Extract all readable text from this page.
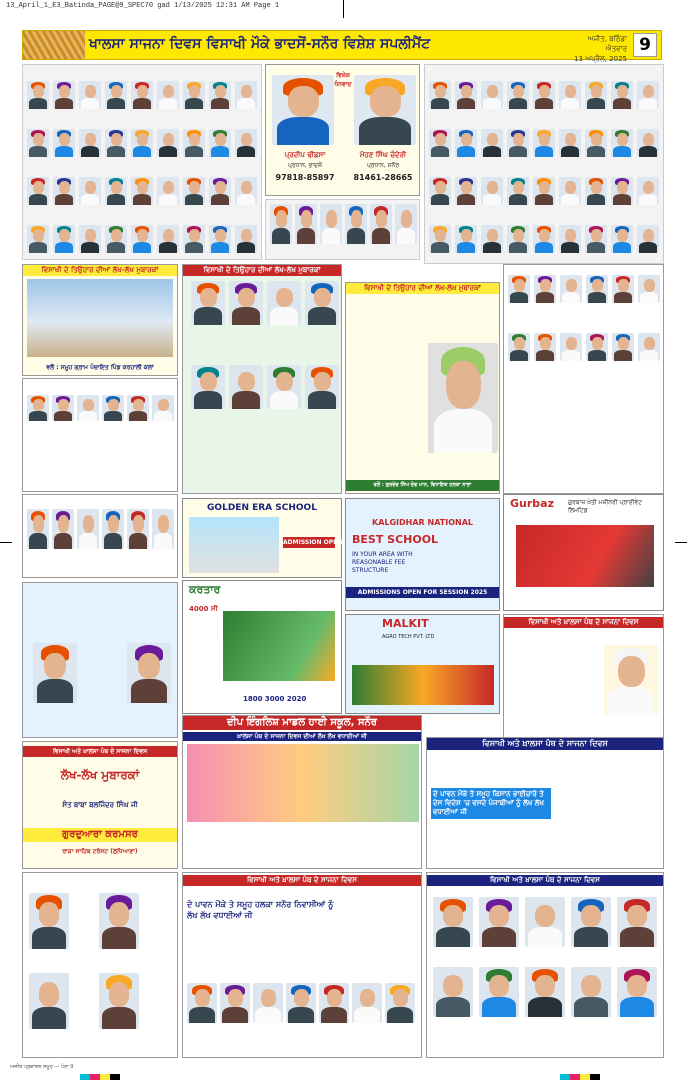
13_April_1_E3_Batinda_PAGE@9_SPEC70 gad 1/13/2025 12:31 AM Page 1
ਖਾਲਸਾ ਸਾਜਨਾ ਦਿਵਸ ਵਿਸਾਖੀ ਮੌਕੇ ਭਾਦਸੋਂ-ਸਨੌਰ ਵਿਸ਼ੇਸ਼ ਸਪਲੀਮੈਂਟ	ਅਜੀਤ, ਬਠਿੰਡਾ
ਐਤਵਾਰ
13 ਅਪ੍ਰੈਲ, 2025
9
ਵਿਸ਼ੇਸ਼ ਧੰਨਵਾਦ
ਪ੍ਰਦੀਪ ਢੀਂਡਸਾ
ਪ੍ਰਧਾਨ, ਭਾਦਸੋਂ
97818-85897
ਮੋਹਣ ਸਿੰਘ ਚੰਦੇਰੀ
ਪ੍ਰਧਾਨ, ਸਨੌਰ
81461-28665
ਵਿਸਾਖੀ ਦੇ ਤਿਉਹਾਰ ਦੀਆਂ ਲੱਖ-ਲੱਖ ਮੁਬਾਰਕਾਂ
ਵਲੋਂ : ਸਮੂਹ ਗ੍ਰਾਮ ਪੰਚਾਇਤ ਪਿੰਡ ਕਰਹਾਲੀ ਕਲਾਂ
ਵਿਸਾਖੀ ਦੇ ਤਿਉਹਾਰ ਦੀਆਂ ਲੱਖ-ਲੱਖ ਮੁਬਾਰਕਾਂ
ਵਿਸਾਖੀ ਦੇ ਤਿਉਹਾਰ ਦੀਆਂ ਲੱਖ-ਲੱਖ ਮੁਬਾਰਕਾਂ
ਵਲੋਂ : ਗੁਰਦੇਵ ਸਿੰਘ ਦੇਵ ਮਾਨ, ਵਿਧਾਇਕ ਹਲਕਾ ਨਾਭਾ
GOLDEN ERA SCHOOL
ADMISSION OPEN
KALGIDHAR NATIONAL
BEST SCHOOL
IN YOUR AREA WITH REASONABLE FEE STRUCTURE
ADMISSIONS OPEN FOR SESSION 2025
Gurbaz ਗੁਰਬਾਜ਼ ਖੇਤੀ ਮਸ਼ੀਨਰੀ ਪ੍ਰਾਈਵੇਟ ਲਿਮਟਿਡ
ਕਰਤਾਰ
4000 ਸੀ
1800 3000 2020
MALKIT
AGRO TECH PVT. LTD
ਵਿਸਾਖੀ ਅਤੇ ਖ਼ਾਲਸਾ ਪੰਥ ਦੇ ਸਾਜਨਾ ਦਿਵਸ
ਵਿਸਾਖੀ ਅਤੇ ਖ਼ਾਲਸਾ ਪੰਥ ਦੇ ਸਾਜਨਾ ਦਿਵਸ
ਲੱਖ-ਲੱਖ ਮੁਬਾਰਕਾਂ
ਸੰਤ ਬਾਬਾ ਬਲਜਿੰਦਰ ਸਿੰਘ ਜੀ
ਗੁਰਦੁਆਰਾ ਕਰਮਸਰ
ਰਾੜਾ ਸਾਹਿਬ ਟਰੱਸਟ (ਲੁਧਿਆਣਾ)
ਦੀਪ ਇੰਗਲਿਸ਼ ਮਾਡਲ ਹਾਈ ਸਕੂਲ, ਸਨੌਰ
ਖ਼ਾਲਸਾ ਪੰਥ ਦੇ ਸਾਜਨਾ ਦਿਵਸ ਦੀਆਂ ਲੱਖ ਲੱਖ ਵਧਾਈਆਂ ਜੀ
ਵਿਸਾਖੀ ਅਤੇ ਖ਼ਾਲਸਾ ਪੰਥ ਦੇ ਸਾਜਨਾ ਦਿਵਸ
ਦੇ ਪਾਵਨ ਮੌਕੇ ਤੇ ਸਮੂਹ ਕਿਸਾਨ ਭਾਈਚਾਰੇ ਤੇ ਦੇਸ ਵਿਦੇਸ਼ 'ਚ ਵਸਦੇ ਪੰਜਾਬੀਆਂ ਨੂੰ ਲੱਖ ਲੱਖ ਵਧਾਈਆਂ ਜੀ
ਵਿਸਾਖੀ ਅਤੇ ਖ਼ਾਲਸਾ ਪੰਥ ਦੇ ਸਾਜਨਾ ਦਿਵਸ
ਦੇ ਪਾਵਨ ਮੌਕੇ ਤੇ ਸਮੂਹ ਹਲਕਾ ਸਨੌਰ ਨਿਵਾਸੀਆਂ ਨੂੰ ਲੱਖ ਲੱਖ ਵਧਾਈਆਂ ਜੀ
ਵਿਸਾਖੀ ਅਤੇ ਖ਼ਾਲਸਾ ਪੰਥ ਦੇ ਸਾਜਨਾ ਦਿਵਸ
ਅਜੀਤ ਪ੍ਰਕਾਸ਼ਨ ਸਮੂਹ — ਪੰਨਾ 9
